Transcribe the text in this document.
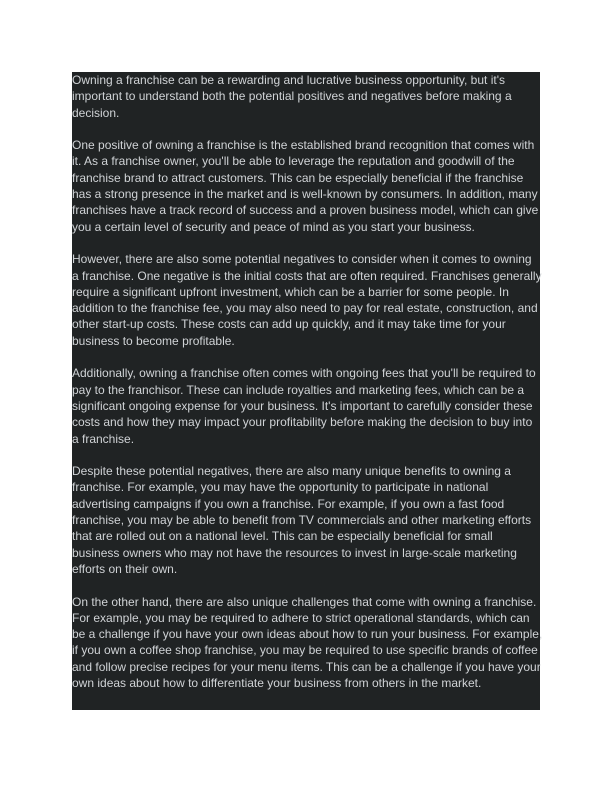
Owning a franchise can be a rewarding and lucrative business opportunity, but it's
important to understand both the potential positives and negatives before making a
decision.

One positive of owning a franchise is the established brand recognition that comes with
it. As a franchise owner, you'll be able to leverage the reputation and goodwill of the
franchise brand to attract customers. This can be especially beneficial if the franchise
has a strong presence in the market and is well-known by consumers. In addition, many
franchises have a track record of success and a proven business model, which can give
you a certain level of security and peace of mind as you start your business.

However, there are also some potential negatives to consider when it comes to owning
a franchise. One negative is the initial costs that are often required. Franchises generally
require a significant upfront investment, which can be a barrier for some people. In
addition to the franchise fee, you may also need to pay for real estate, construction, and
other start-up costs. These costs can add up quickly, and it may take time for your
business to become profitable.

Additionally, owning a franchise often comes with ongoing fees that you'll be required to
pay to the franchisor. These can include royalties and marketing fees, which can be a
significant ongoing expense for your business. It's important to carefully consider these
costs and how they may impact your profitability before making the decision to buy into
a franchise.

Despite these potential negatives, there are also many unique benefits to owning a
franchise. For example, you may have the opportunity to participate in national
advertising campaigns if you own a franchise. For example, if you own a fast food
franchise, you may be able to benefit from TV commercials and other marketing efforts
that are rolled out on a national level. This can be especially beneficial for small
business owners who may not have the resources to invest in large-scale marketing
efforts on their own.

On the other hand, there are also unique challenges that come with owning a franchise.
For example, you may be required to adhere to strict operational standards, which can
be a challenge if you have your own ideas about how to run your business. For example,
if you own a coffee shop franchise, you may be required to use specific brands of coffee
and follow precise recipes for your menu items. This can be a challenge if you have your
own ideas about how to differentiate your business from others in the market.
